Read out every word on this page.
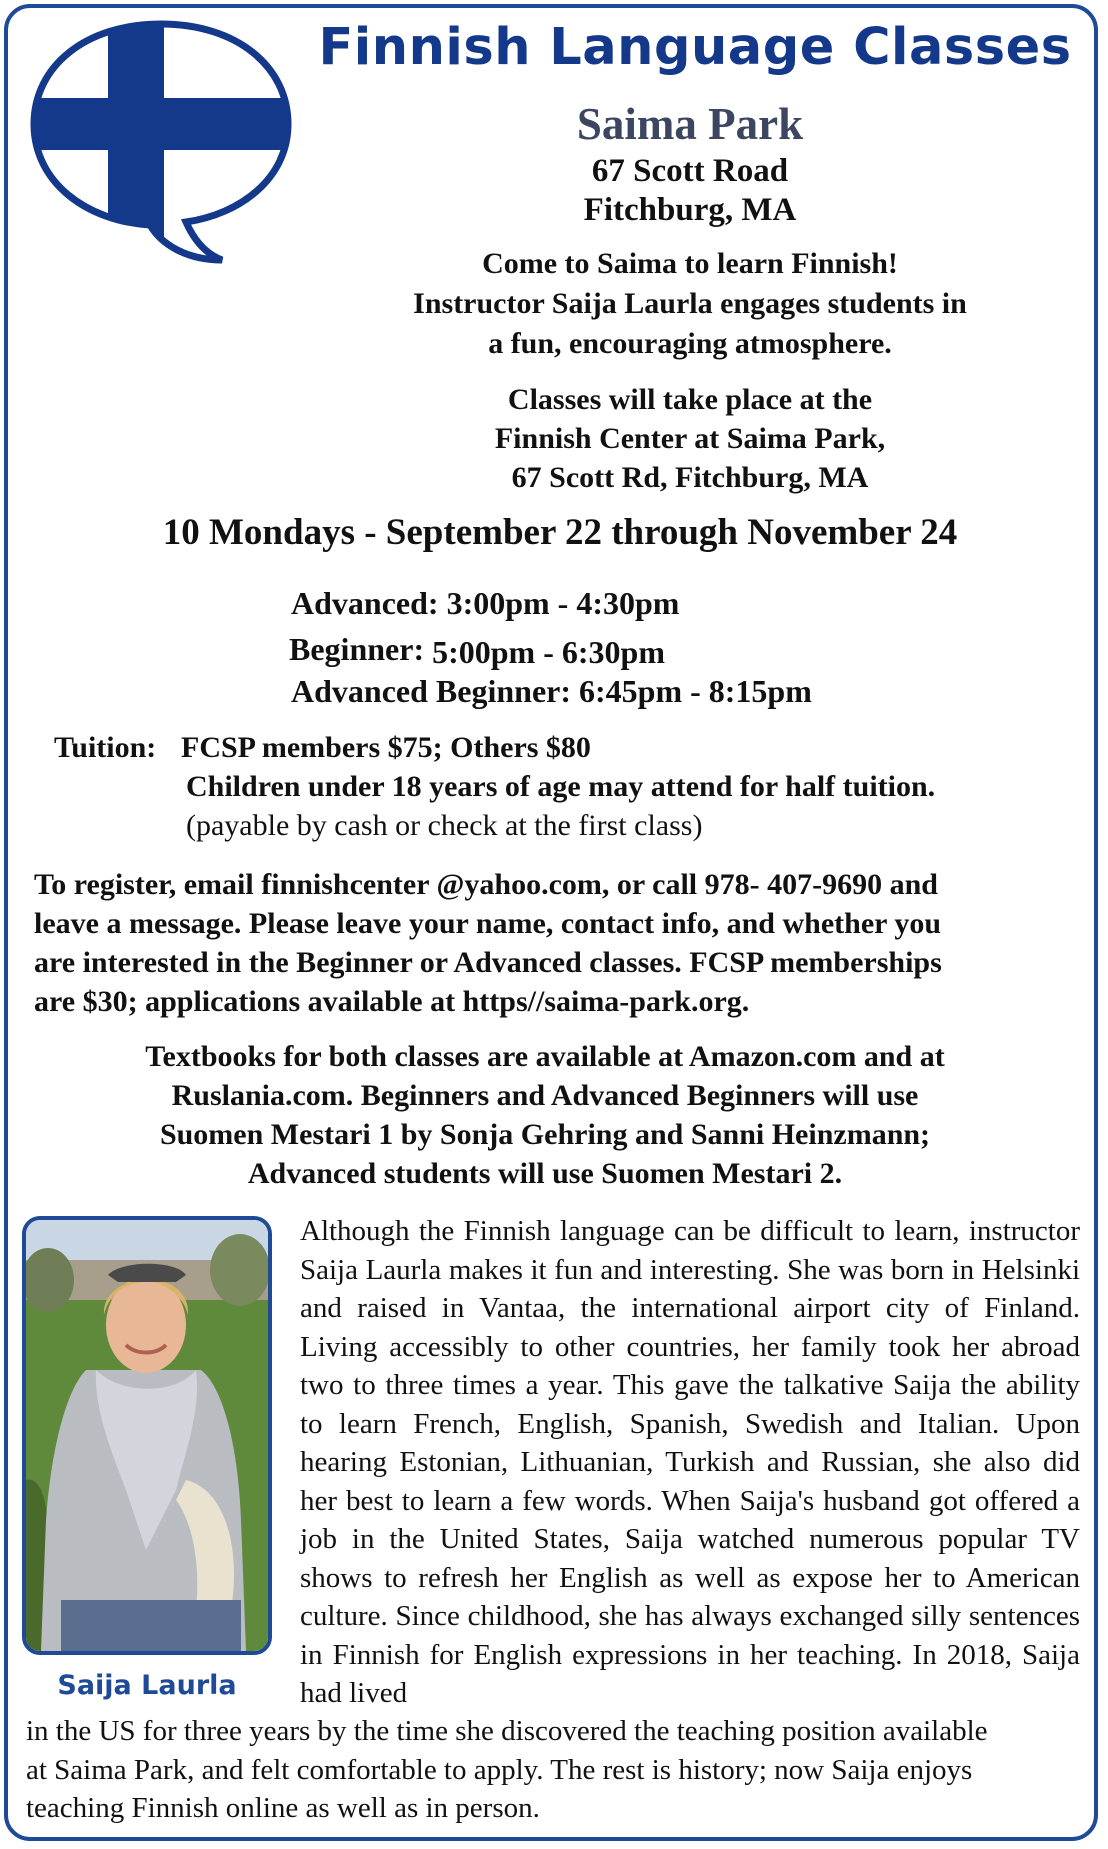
Finnish Language Classes
Saima Park
67 Scott Road
Fitchburg, MA
Come to Saima to learn Finnish!
Instructor Saija Laurla engages students in
a fun, encouraging atmosphere.
Classes will take place at the
Finnish Center at Saima Park,
67 Scott Rd, Fitchburg, MA
10 Mondays - September 22 through November 24
Advanced: 3:00pm - 4:30pm
Beginner: 5:00pm - 6:30pm
Advanced Beginner: 6:45pm - 8:15pm
Tuition: FCSP members $75; Others $80
Children under 18 years of age may attend for half tuition.
(payable by cash or check at the first class)
To register, email finnishcenter @yahoo.com, or call 978- 407-9690 and
leave a message. Please leave your name, contact info, and whether you
are interested in the Beginner or Advanced classes. FCSP memberships
are $30; applications available at https//saima-park.org.
Textbooks for both classes are available at Amazon.com and at
Ruslania.com. Beginners and Advanced Beginners will use
Suomen Mestari 1 by Sonja Gehring and Sanni Heinzmann;
Advanced students will use Suomen Mestari 2.
Saija Laurla
Although the Finnish language can be difficult to learn, instructor Saija Laurla makes it fun and interesting. She was born in Helsinki and raised in Vantaa, the international airport city of Finland. Living accessibly to other countries, her family took her abroad two to three times a year. This gave the talkative Saija the ability to learn French, English, Spanish, Swedish and Italian. Upon hearing Estonian, Lithuanian, Turkish and Russian, she also did her best to learn a few words. When Saija's husband got offered a job in the United States, Saija watched numerous popular TV shows to refresh her English as well as expose her to American culture. Since childhood, she has always exchanged silly sentences in Finnish for English expressions in her teaching. In 2018, Saija had lived
in the US for three years by the time she discovered the teaching position available
at Saima Park, and felt comfortable to apply. The rest is history; now Saija enjoys
teaching Finnish online as well as in person.
